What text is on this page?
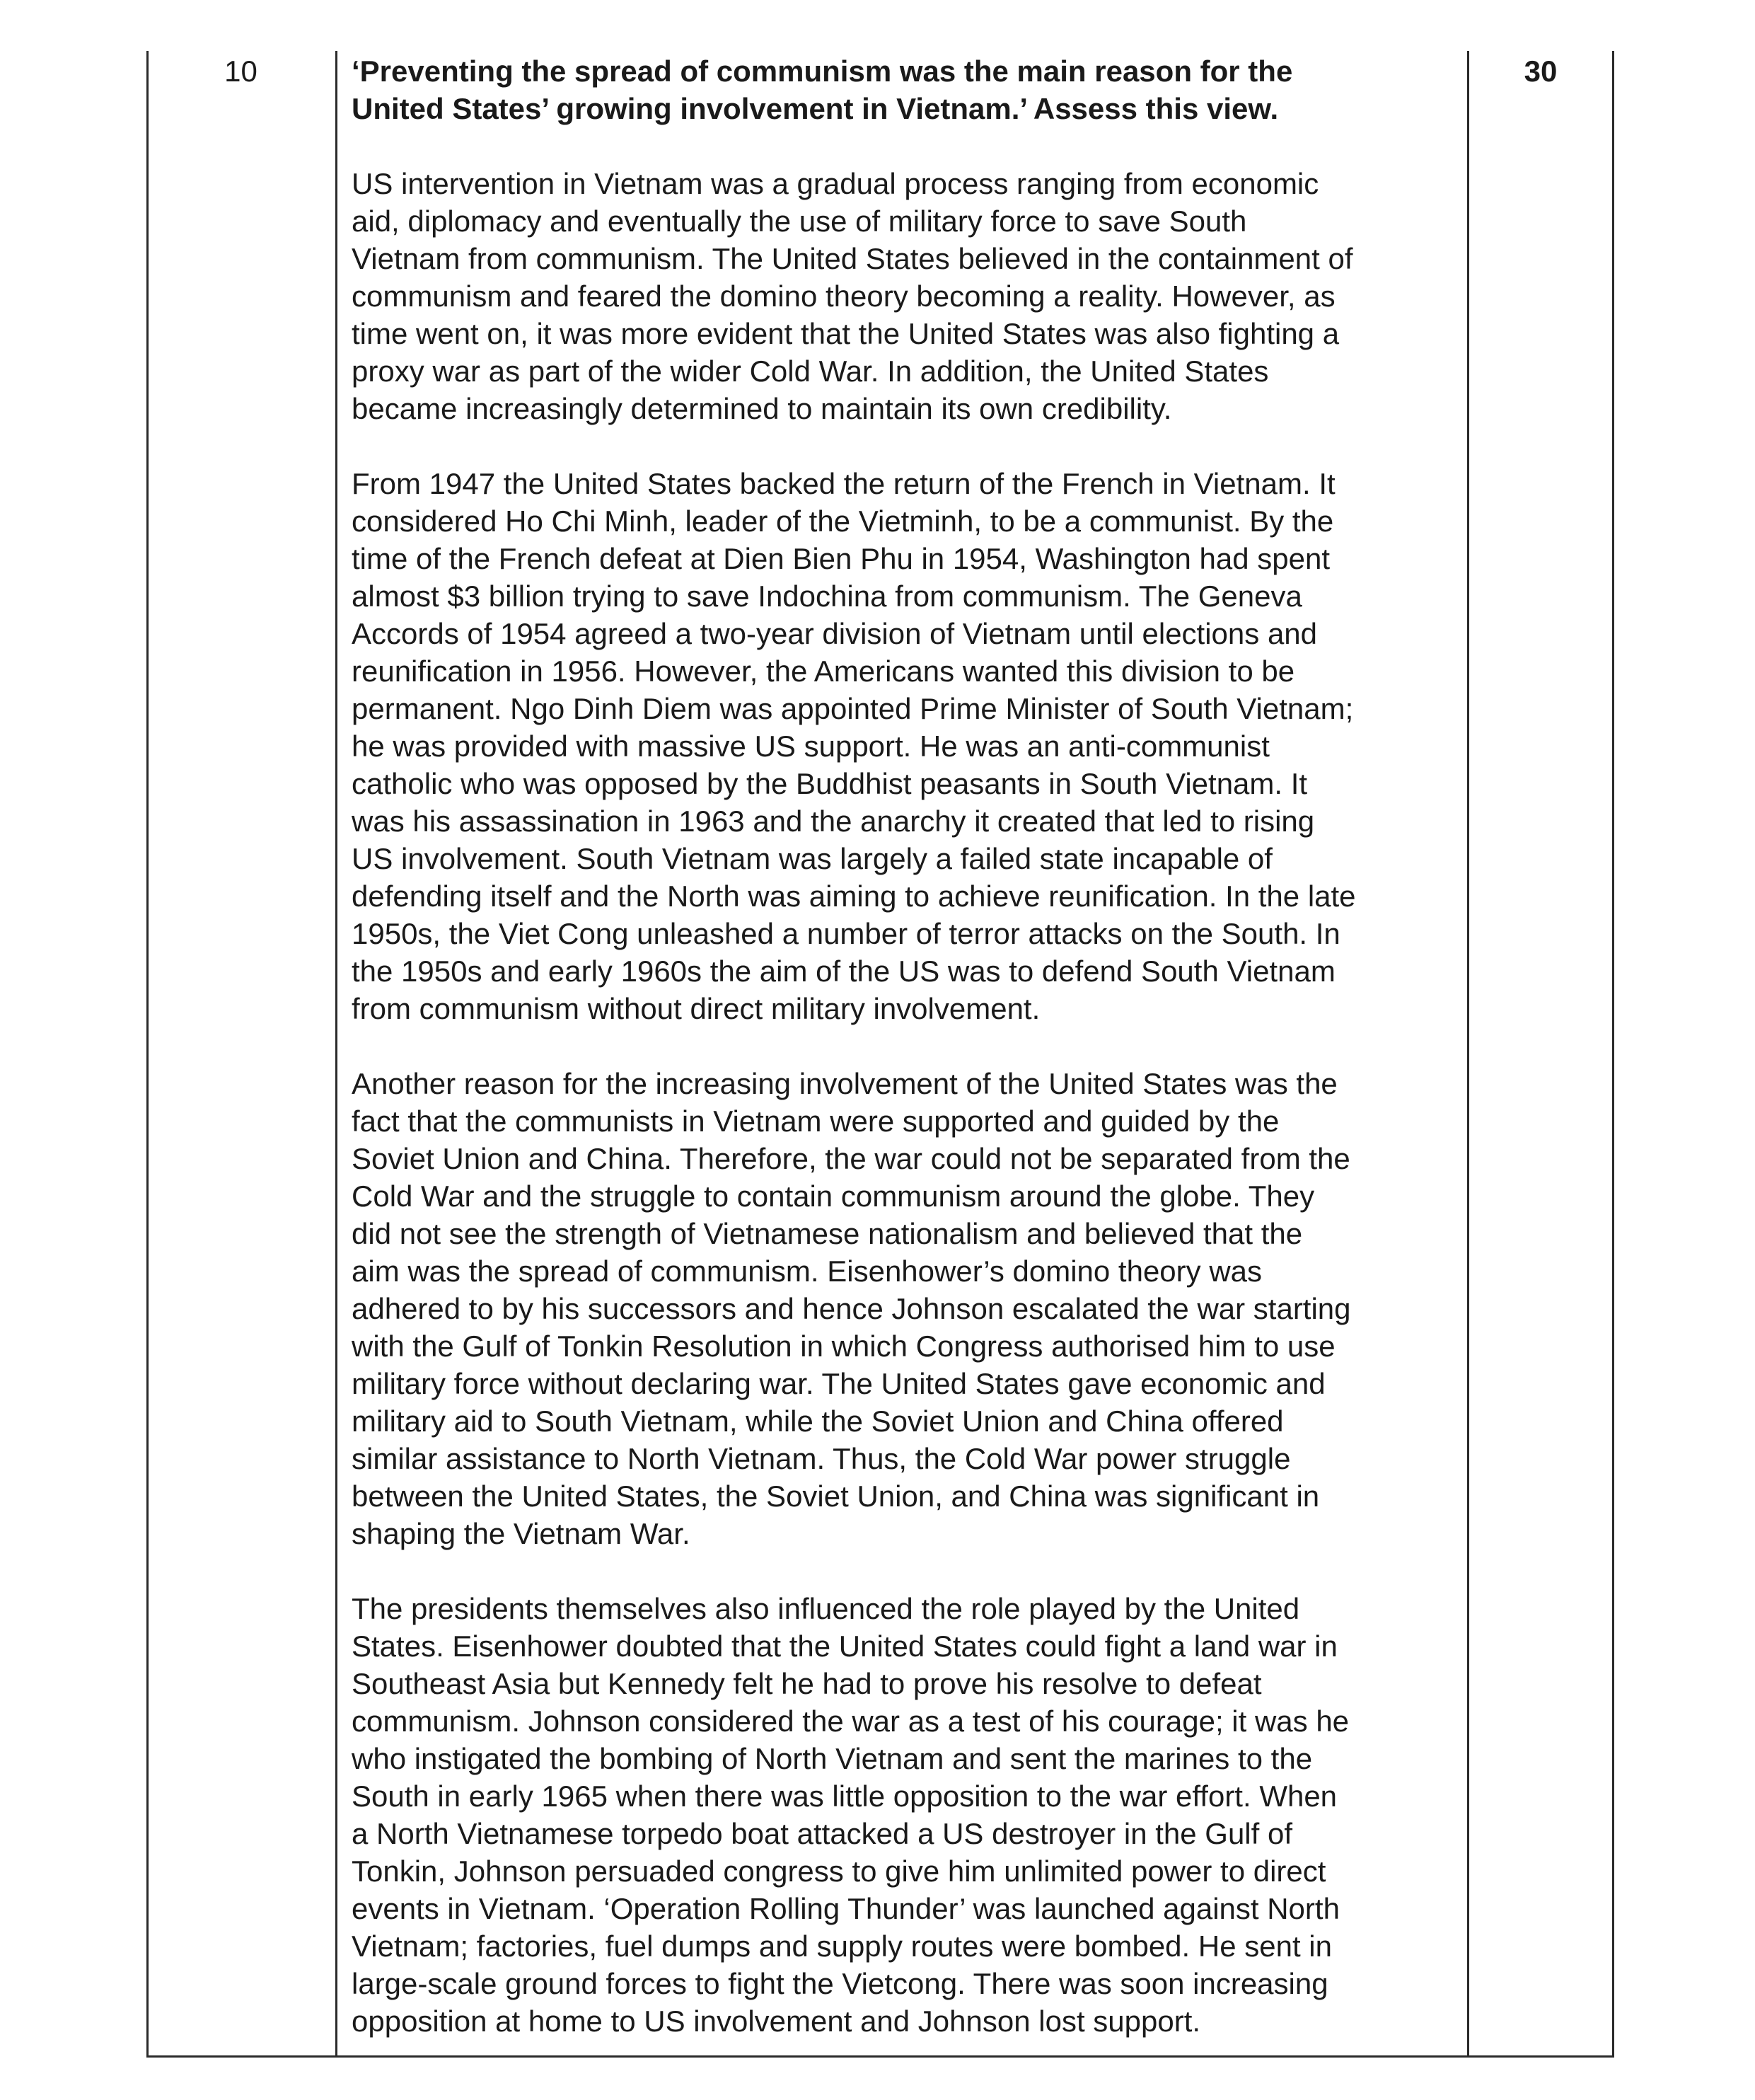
10	‘Preventing the spread of communism was the main reason for the
United States’ growing involvement in Vietnam.’ Assess this view.

US intervention in Vietnam was a gradual process ranging from economic
aid, diplomacy and eventually the use of military force to save South
Vietnam from communism. The United States believed in the containment of
communism and feared the domino theory becoming a reality. However, as
time went on, it was more evident that the United States was also fighting a
proxy war as part of the wider Cold War. In addition, the United States
became increasingly determined to maintain its own credibility.

From 1947 the United States backed the return of the French in Vietnam. It
considered Ho Chi Minh, leader of the Vietminh, to be a communist. By the
time of the French defeat at Dien Bien Phu in 1954, Washington had spent
almost $3 billion trying to save Indochina from communism. The Geneva
Accords of 1954 agreed a two-year division of Vietnam until elections and
reunification in 1956. However, the Americans wanted this division to be
permanent. Ngo Dinh Diem was appointed Prime Minister of South Vietnam;
he was provided with massive US support. He was an anti-communist
catholic who was opposed by the Buddhist peasants in South Vietnam. It
was his assassination in 1963 and the anarchy it created that led to rising
US involvement. South Vietnam was largely a failed state incapable of
defending itself and the North was aiming to achieve reunification. In the late
1950s, the Viet Cong unleashed a number of terror attacks on the South. In
the 1950s and early 1960s the aim of the US was to defend South Vietnam
from communism without direct military involvement.

Another reason for the increasing involvement of the United States was the
fact that the communists in Vietnam were supported and guided by the
Soviet Union and China. Therefore, the war could not be separated from the
Cold War and the struggle to contain communism around the globe. They
did not see the strength of Vietnamese nationalism and believed that the
aim was the spread of communism. Eisenhower’s domino theory was
adhered to by his successors and hence Johnson escalated the war starting
with the Gulf of Tonkin Resolution in which Congress authorised him to use
military force without declaring war. The United States gave economic and
military aid to South Vietnam, while the Soviet Union and China offered
similar assistance to North Vietnam. Thus, the Cold War power struggle
between the United States, the Soviet Union, and China was significant in
shaping the Vietnam War.

The presidents themselves also influenced the role played by the United
States. Eisenhower doubted that the United States could fight a land war in
Southeast Asia but Kennedy felt he had to prove his resolve to defeat
communism. Johnson considered the war as a test of his courage; it was he
who instigated the bombing of North Vietnam and sent the marines to the
South in early 1965 when there was little opposition to the war effort. When
a North Vietnamese torpedo boat attacked a US destroyer in the Gulf of
Tonkin, Johnson persuaded congress to give him unlimited power to direct
events in Vietnam. ‘Operation Rolling Thunder’ was launched against North
Vietnam; factories, fuel dumps and supply routes were bombed. He sent in
large-scale ground forces to fight the Vietcong. There was soon increasing
opposition at home to US involvement and Johnson lost support.

30
